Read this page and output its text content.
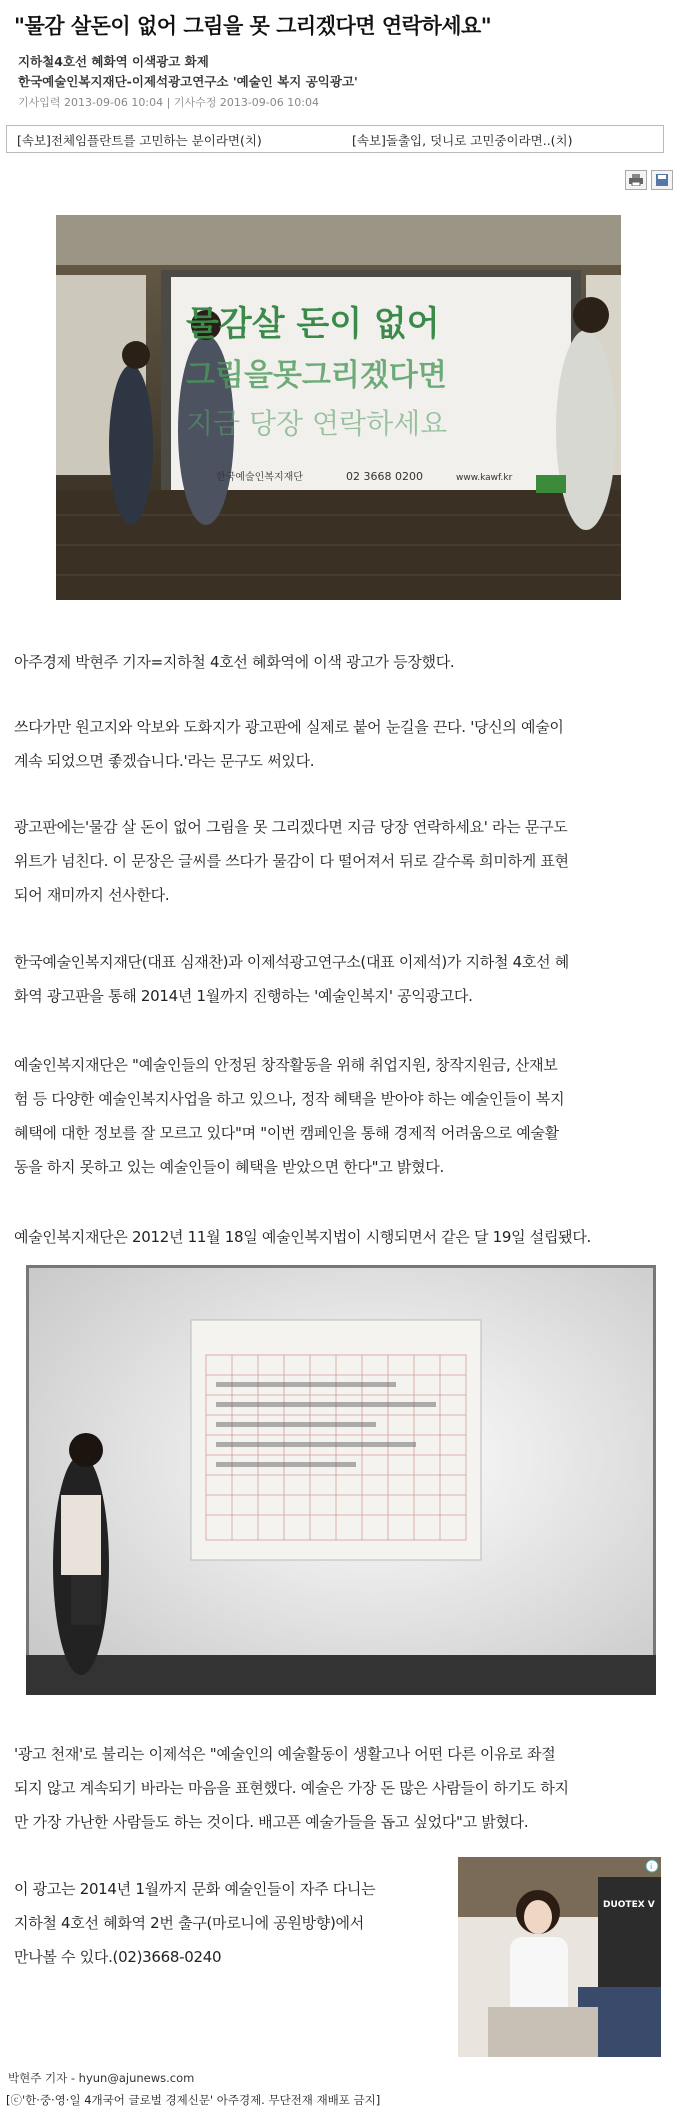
"물감 살돈이 없어 그림을 못 그리겠다면 연락하세요"
지하철4호선 혜화역 이색광고 화제
한국예술인복지재단-이제석광고연구소 '예술인 복지 공익광고'
기사입력 2013-09-06 10:04 | 기사수정 2013-09-06 10:04
[속보]전체임플란트를 고민하는 분이라면(치)	[속보]돌출입, 덧니로 고민중이라면..(치)
물감살 돈이 없어
그림을못그리겠다면
지금 당장 연락하세요
한국예술인복지재단	02 3668 0200	www.kawf.kr
아주경제 박현주 기자=지하철 4호선 혜화역에 이색 광고가 등장했다.
쓰다가만 원고지와 악보와 도화지가 광고판에 실제로 붙어 눈길을 끈다. '당신의 예술이
계속 되었으면 좋겠습니다.'라는 문구도 써있다.
광고판에는'물감 살 돈이 없어 그림을 못 그리겠다면 지금 당장 연락하세요' 라는 문구도
위트가 넘친다. 이 문장은 글씨를 쓰다가 물감이 다 떨어져서 뒤로 갈수록 희미하게 표현
되어 재미까지 선사한다.
한국예술인복지재단(대표 심재찬)과 이제석광고연구소(대표 이제석)가 지하철 4호선 혜
화역 광고판을 통해 2014년 1월까지 진행하는 '예술인복지' 공익광고다.
예술인복지재단은 "예술인들의 안정된 창작활동을 위해 취업지원, 창작지원금, 산재보
험 등 다양한 예술인복지사업을 하고 있으나, 정작 혜택을 받아야 하는 예술인들이 복지
혜택에 대한 정보를 잘 모르고 있다"며 "이번 캠페인을 통해 경제적 어려움으로 예술활
동을 하지 못하고 있는 예술인들이 혜택을 받았으면 한다"고 밝혔다.
예술인복지재단은 2012년 11월 18일 예술인복지법이 시행되면서 같은 달 19일 설립됐다.
'광고 천재'로 불리는 이제석은 "예술인의 예술활동이 생활고나 어떤 다른 이유로 좌절
되지 않고 계속되기 바라는 마음을 표현했다. 예술은 가장 돈 많은 사람들이 하기도 하지
만 가장 가난한 사람들도 하는 것이다. 배고픈 예술가들을 돕고 싶었다"고 밝혔다.
이 광고는 2014년 1월까지 문화 예술인들이 자주 다니는
지하철 4호선 혜화역 2번 출구(마로니에 공원방향)에서
만나볼 수 있다.(02)3668-0240
DUOTEX V
i
박현주 기자 - hyun@ajunews.com
[ⓒ'한·중·영·일 4개국어 글로벌 경제신문' 아주경제. 무단전재 재배포 금지]
